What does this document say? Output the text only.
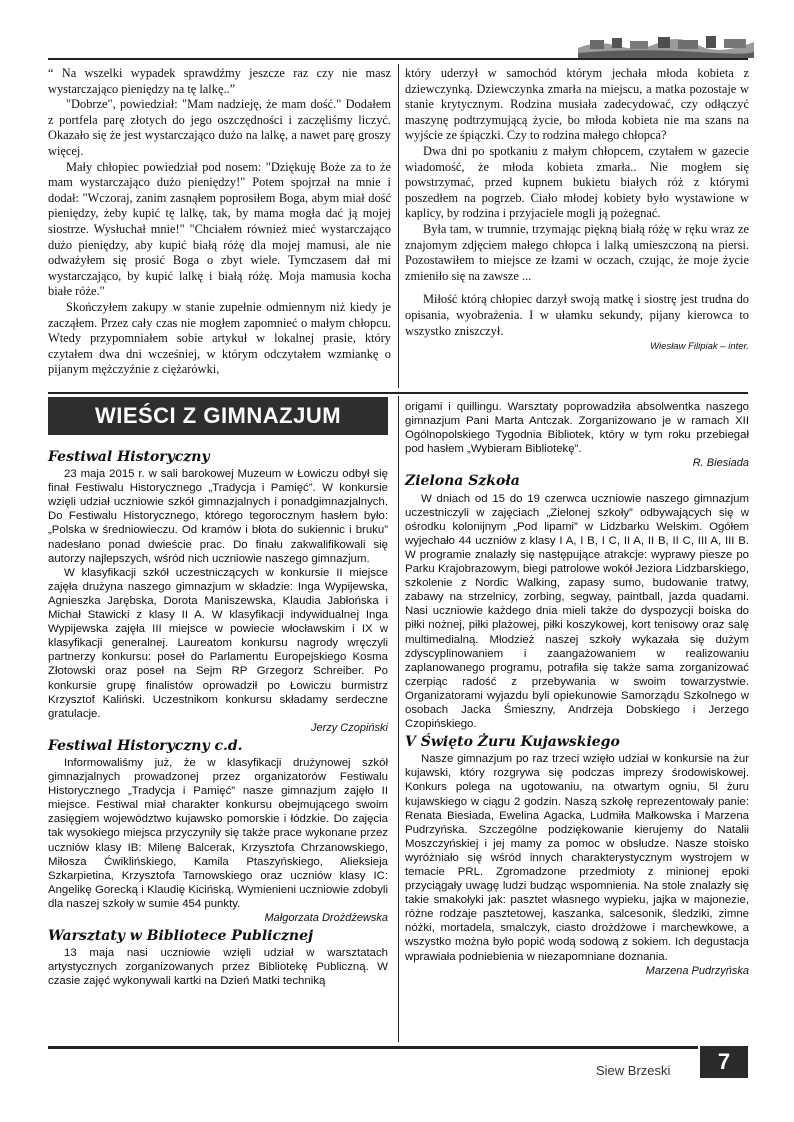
“ Na wszelki wypadek sprawdźmy jeszcze raz czy nie masz wystarczająco pieniędzy na tę lalkę..”

"Dobrze", powiedział: "Mam nadzieję, że mam dość." Dodałem z portfela parę złotych do jego oszczędności i zaczęliśmy liczyć. Okazało się że jest wystarczająco dużo na lalkę, a nawet parę groszy więcej.

Mały chłopiec powiedział pod nosem: "Dziękuję Boże za to że mam wystarczająco dużo pieniędzy!" Potem spojrzał na mnie i dodał: "Wczoraj, zanim zasnąłem poprosiłem Boga, abym miał dość pieniędzy, żeby kupić tę lalkę, tak, by mama mogła dać ją mojej siostrze. Wysłuchał mnie!" "Chciałem również mieć wystarczająco dużo pieniędzy, aby kupić białą różę dla mojej mamusi, ale nie odważyłem się prosić Boga o zbyt wiele. Tymczasem dał mi wystarczająco, by kupić lalkę i białą różę. Moja mamusia kocha białe róże."

Skończyłem zakupy w stanie zupełnie odmiennym niż kiedy je zacząłem. Przez cały czas nie mogłem zapomnieć o małym chłopcu. Wtedy przypomniałem sobie artykuł w lokalnej prasie, który czytałem dwa dni wcześniej, w którym odczytałem wzmiankę o pijanym mężczyźnie z ciężarówki,

który uderzył w samochód którym jechała młoda kobieta z dziewczynką. Dziewczynka zmarła na miejscu, a matka pozostaje w stanie krytycznym. Rodzina musiała zadecydować, czy odłączyć maszynę podtrzymującą życie, bo młoda kobieta nie ma szans na wyjście ze śpiączki. Czy to rodzina małego chłopca?

Dwa dni po spotkaniu z małym chłopcem, czytałem w gazecie wiadomość, że młoda kobieta zmarła.. Nie mogłem się powstrzymać, przed kupnem bukietu białych róż z którymi poszedłem na pogrzeb. Ciało młodej kobiety było wystawione w kaplicy, by rodzina i przyjaciele mogli ją pożegnać.

Była tam, w trumnie, trzymając piękną białą różę w ręku wraz ze znajomym zdjęciem małego chłopca i lalką umieszczoną na piersi. Pozostawiłem to miejsce ze łzami w oczach, czując, że moje życie zmieniło się na zawsze ...

Miłość którą chłopiec darzył swoją matkę i siostrę jest trudna do opisania, wyobrażenia. I w ułamku sekundy, pijany kierowca to wszystko zniszczył.

Wiesław Filipiak – inter.

WIEŚCI Z GIMNAZJUM
Festiwal Historyczny

23 maja 2015 r. w sali barokowej Muzeum w Łowiczu odbył się finał Festiwalu Historycznego „Tradycja i Pamięć”. W konkursie wzięli udział uczniowie szkół gimnazjalnych i ponadgimnazjalnych. Do Festiwalu Historycznego, którego tegorocznym hasłem było: „Polska w średniowieczu. Od kramów i błota do sukiennic i bruku” nadesłano ponad dwieście prac. Do finału zakwalifikowali się autorzy najlepszych, wśród nich uczniowie naszego gimnazjum.

W klasyfikacji szkół uczestniczących w konkursie II miejsce zajęła drużyna naszego gimnazjum w składzie: Inga Wypijewska, Agnieszka Jarębska, Dorota Maniszewska, Klaudia Jabłońska i Michał Stawicki z klasy II A. W klasyfikacji indywidualnej Inga Wypijewska zajęła III miejsce w powiecie włocławskim i IX w klasyfikacji generalnej. Laureatom konkursu nagrody wręczyli partnerzy konkursu: poseł do Parlamentu Europejskiego Kosma Złotowski oraz poseł na Sejm RP Grzegorz Schreiber. Po konkursie grupę finalistów oprowadził po Łowiczu burmistrz Krzysztof Kaliński. Uczestnikom konkursu składamy serdeczne gratulacje.

Jerzy Czopiński

Festiwal Historyczny c.d.

Informowaliśmy już, że w klasyfikacji drużynowej szkół gimnazjalnych prowadzonej przez organizatorów Festiwalu Historycznego „Tradycja i Pamięć” nasze gimnazjum zajęło II miejsce. Festiwal miał charakter konkursu obejmującego swoim zasięgiem województwo kujawsko pomorskie i łódzkie. Do zajęcia tak wysokiego miejsca przyczyniły się także prace wykonane przez uczniów klasy IB: Milenę Balcerak, Krzysztofa Chrzanowskiego, Miłosza Ćwiklińskiego, Kamila Ptaszyńskiego, Alieksieja Szkarpietina, Krzysztofa Tarnowskiego oraz uczniów klasy IC: Angelikę Gorecką i Klaudię Kicińską. Wymienieni uczniowie zdobyli dla naszej szkoły w sumie 454 punkty.

Małgorzata Drożdżewska

Warsztaty w Bibliotece Publicznej

13 maja nasi uczniowie wzięli udział w warsztatach artystycznych zorganizowanych przez Bibliotekę Publiczną. W czasie zajęć wykonywali kartki na Dzień Matki techniką

origami i quillingu. Warsztaty poprowadziła absolwentka naszego gimnazjum Pani Marta Antczak. Zorganizowano je w ramach XII Ogólnopolskiego Tygodnia Bibliotek, który w tym roku przebiegał pod hasłem „Wybieram Bibliotekę”.

R. Biesiada

Zielona Szkoła

W dniach od 15 do 19 czerwca uczniowie naszego gimnazjum uczestniczyli w zajęciach „Zielonej szkoły” odbywających się w ośrodku kolonijnym „Pod lipami” w Lidzbarku Welskim. Ogółem wyjechało 44 uczniów z klasy I A, I B, I C, II A, II B, II C, III A, III B. W programie znalazły się następujące atrakcje: wyprawy piesze po Parku Krajobrazowym, biegi patrolowe wokół Jeziora Lidzbarskiego, szkolenie z Nordic Walking, zapasy sumo, budowanie tratwy, zabawy na strzelnicy, zorbing, segway, paintball, jazda quadami. Nasi uczniowie każdego dnia mieli także do dyspozycji boiska do piłki nożnej, piłki plażowej, piłki koszykowej, kort tenisowy oraz salę multimedialną. Młodzież naszej szkoły wykazała się dużym zdyscyplinowaniem i zaangażowaniem w realizowaniu zaplanowanego programu, potrafiła się także sama zorganizować czerpiąc radość z przebywania w swoim towarzystwie. Organizatorami wyjazdu byli opiekunowie Samorządu Szkolnego w osobach Jacka Śmieszny, Andrzeja Dobskiego i Jerzego Czopińskiego.

V Święto Żuru Kujawskiego

Nasze gimnazjum po raz trzeci wzięło udział w konkursie na żur kujawski, który rozgrywa się podczas imprezy środowiskowej. Konkurs polega na ugotowaniu, na otwartym ogniu, 5l żuru kujawskiego w ciągu 2 godzin. Naszą szkołę reprezentowały panie: Renata Biesiada, Ewelina Agacka, Ludmiła Małkowska i Marzena Pudrzyńska. Szczególne podziękowanie kierujemy do Natalii Moszczyńskiej i jej mamy za pomoc w obsłudze. Nasze stoisko wyróżniało się wśród innych charakterystycznym wystrojem w temacie PRL. Zgromadzone przedmioty z minionej epoki przyciągały uwagę ludzi budząc wspomnienia. Na stole znalazły się takie smakołyki jak: pasztet własnego wypieku, jajka w majonezie, różne rodzaje pasztetowej, kaszanka, salcesonik, śledziki, zimne nóżki, mortadela, smalczyk, ciasto drożdżowe i marchewkowe, a wszystko można było popić wodą sodową z sokiem. Ich degustacja wprawiała podniebienia w niezapomniane doznania.

Marzena Pudrzyńska

Siew Brzeski 7
